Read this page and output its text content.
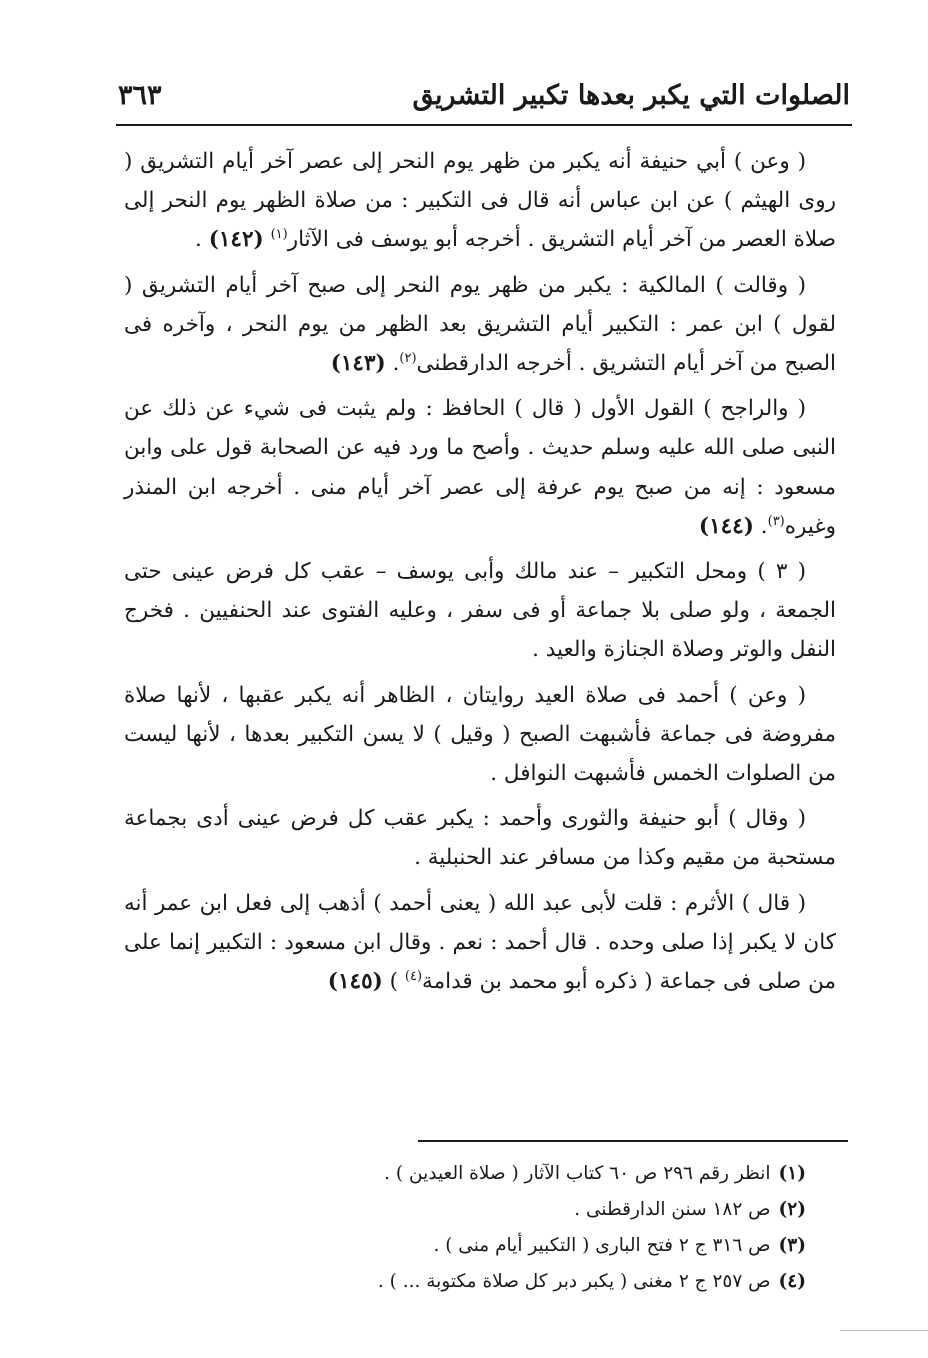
الصلوات التي يكبر بعدها تكبير التشريق
٣٦٣

( وعن ) أبي حنيفة أنه يكبر من ظهر يوم النحر إلى عصر آخر أيام التشريق ( روى الهيثم ) عن ابن عباس أنه قال فى التكبير : من صلاة الظهر يوم النحر إلى صلاة العصر من آخر أيام التشريق . أخرجه أبو يوسف فى الآثار$^{(١)}$ (١٤٢) .

( وقالت ) المالكية : يكبر من ظهر يوم النحر إلى صبح آخر أيام التشريق ( لقول ) ابن عمر : التكبير أيام التشريق بعد الظهر من يوم النحر ، وآخره فى الصبح من آخر أيام التشريق . أخرجه الدارقطنى$^{(٢)}$. (١٤٣)

( والراجح ) القول الأول ( قال ) الحافظ : ولم يثبت فى شيء عن ذلك عن النبى صلى الله عليه وسلم حديث . وأصح ما ورد فيه عن الصحابة قول على وابن مسعود : إنه من صبح يوم عرفة إلى عصر آخر أيام منى . أخرجه ابن المنذر وغيره$^{(٣)}$. (١٤٤)

( ٣ ) ومحل التكبير – عند مالك وأبى يوسف – عقب كل فرض عينى حتى الجمعة ، ولو صلى بلا جماعة أو فى سفر ، وعليه الفتوى عند الحنفيين . فخرج النفل والوتر وصلاة الجنازة والعيد .

( وعن ) أحمد فى صلاة العيد روايتان ، الظاهر أنه يكبر عقبها ، لأنها صلاة مفروضة فى جماعة فأشبهت الصبح ( وقيل ) لا يسن التكبير بعدها ، لأنها ليست من الصلوات الخمس فأشبهت النوافل .

( وقال ) أبو حنيفة والثورى وأحمد : يكبر عقب كل فرض عينى أدى بجماعة مستحبة من مقيم وكذا من مسافر عند الحنبلية .

( قال ) الأثرم : قلت لأبى عبد الله ( يعنى أحمد ) أذهب إلى فعل ابن عمر أنه كان لا يكبر إذا صلى وحده . قال أحمد : نعم . وقال ابن مسعود : التكبير إنما على من صلى فى جماعة ( ذكره أبو محمد بن قدامة$^{(٤)}$ ) (١٤٥)

(١)انظر رقم ٢٩٦ ص ٦٠ كتاب الآثار ( صلاة العيدين ) .

(٢)ص ١٨٢ سنن الدارقطنى .

(٣)ص ٣١٦ ج ٢ فتح البارى ( التكبير أيام منى ) .

(٤)ص ٢٥٧ ج ٢ مغنى ( يكبر دبر كل صلاة مكتوبة ... ) .
